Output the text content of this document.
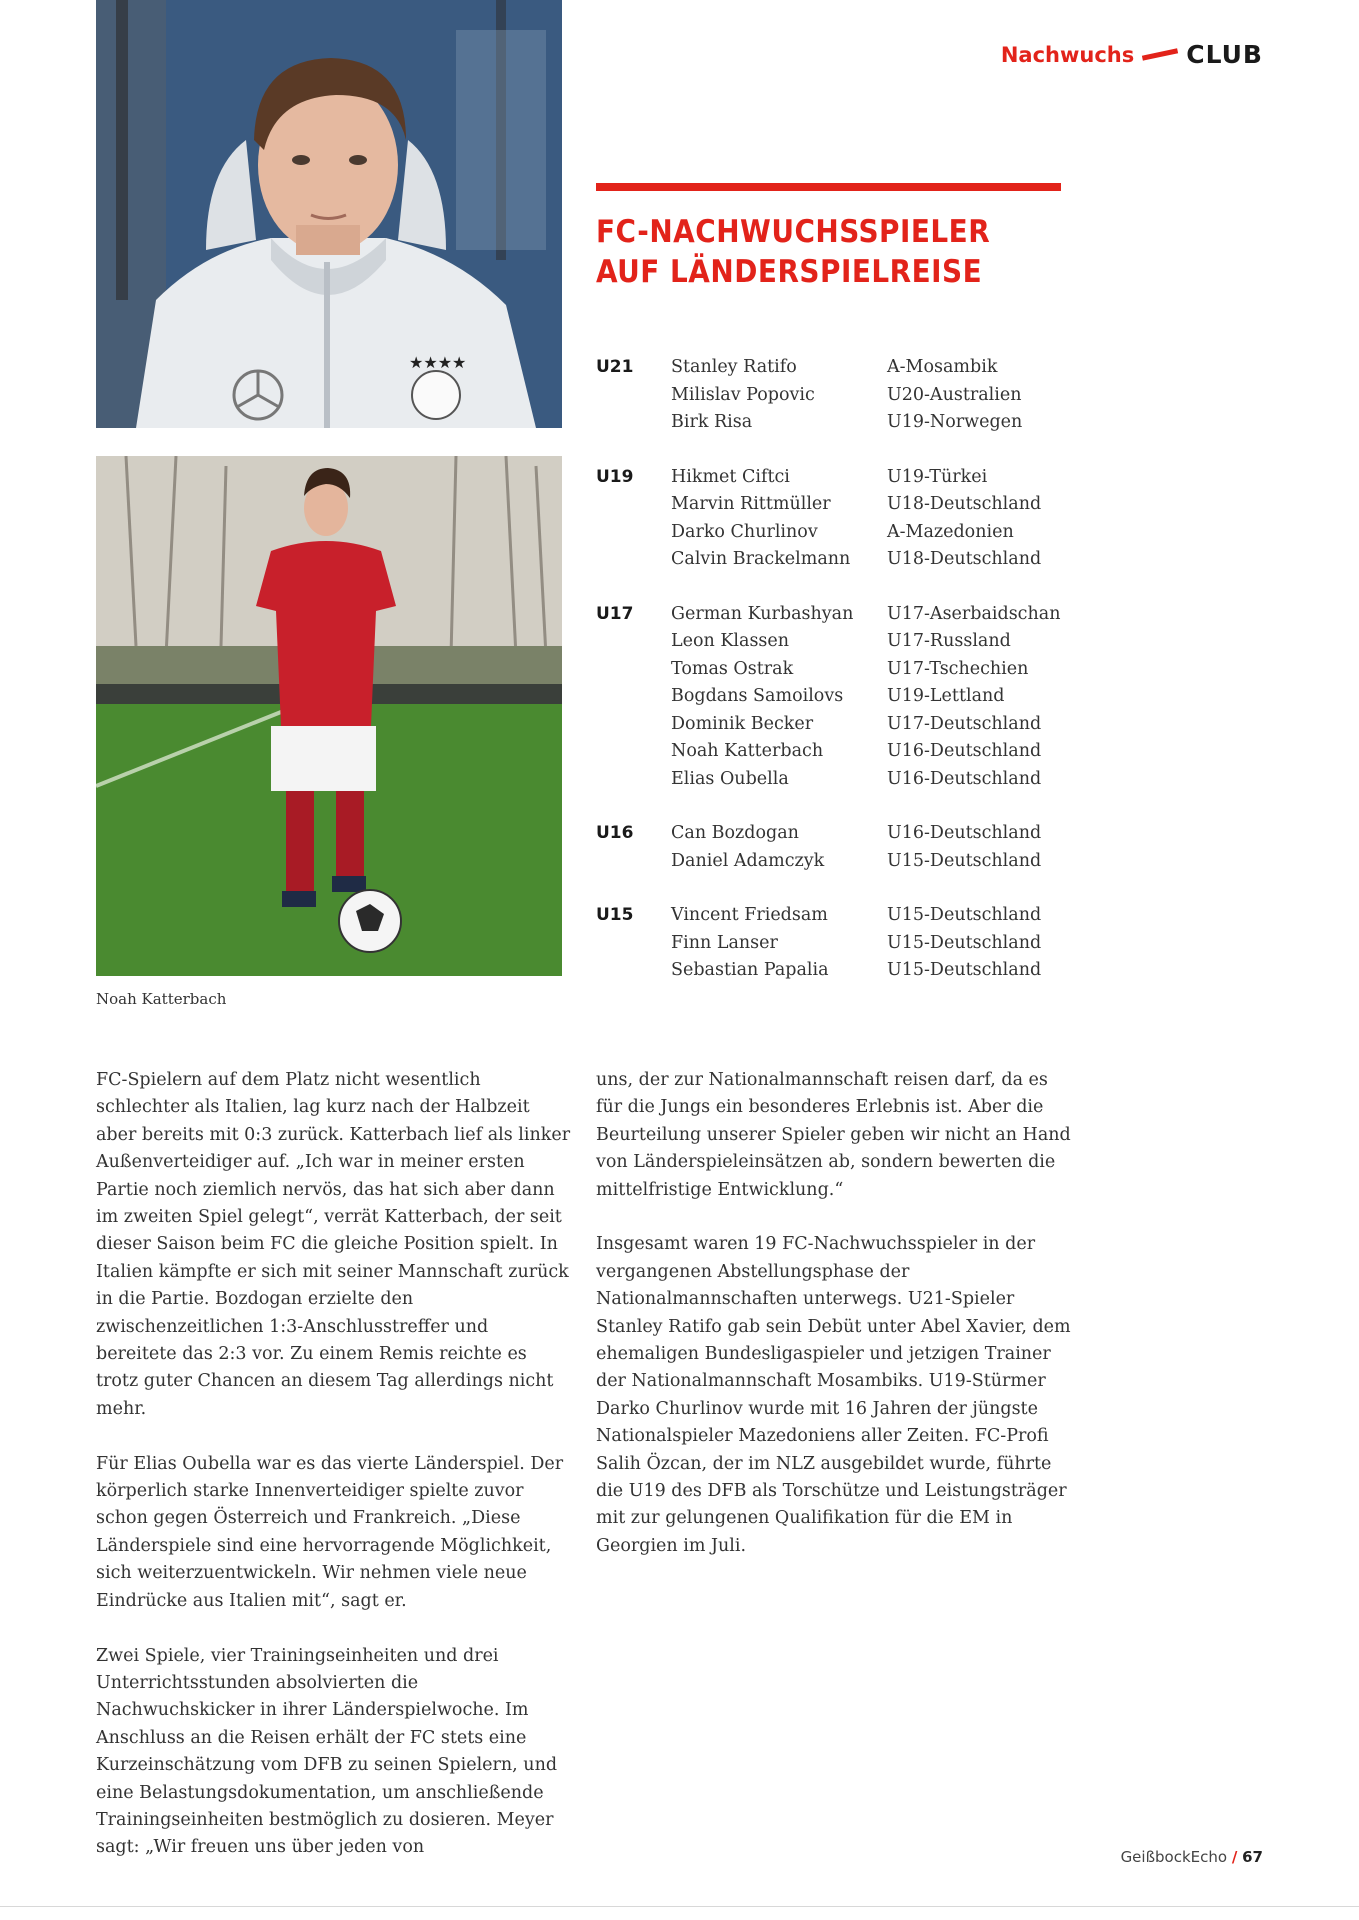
Nachwuchs CLUB
★★★★
Noah Katterbach
FC-NACHWUCHSSPIELER
AUF LÄNDERSPIELREISE
U21 Stanley Ratifo	A-Mosambik
Milislav Popovic	U20-Australien
Birk Risa	U19-Norwegen
U19 Hikmet Ciftci	U19-Türkei
Marvin Rittmüller	U18-Deutschland
Darko Churlinov	A-Mazedonien
Calvin Brackelmann	U18-Deutschland
U17 German Kurbashyan	U17-Aserbaidschan
Leon Klassen	U17-Russland
Tomas Ostrak	U17-Tschechien
Bogdans Samoilovs	U19-Lettland
Dominik Becker	U17-Deutschland
Noah Katterbach	U16-Deutschland
Elias Oubella	U16-Deutschland
U16 Can Bozdogan	U16-Deutschland
Daniel Adamczyk	U15-Deutschland
U15 Vincent Friedsam	U15-Deutschland
Finn Lanser	U15-Deutschland
Sebastian Papalia	U15-Deutschland

FC-Spielern auf dem Platz nicht wesentlich schlechter als Italien, lag kurz nach der Halbzeit aber bereits mit 0:3 zurück. Katterbach lief als linker Außenverteidiger auf. „Ich war in meiner ersten Partie noch ziemlich nervös, das hat sich aber dann im zweiten Spiel gelegt“, verrät Katterbach, der seit dieser Saison beim FC die gleiche Position spielt. In Italien kämpfte er sich mit seiner Mannschaft zurück in die Partie. Bozdogan erzielte den zwischenzeitlichen 1:3-Anschlusstreffer und bereitete das 2:3 vor. Zu einem Remis reichte es trotz guter Chancen an diesem Tag allerdings nicht mehr.

Für Elias Oubella war es das vierte Länderspiel. Der körperlich starke Innenverteidiger spielte zuvor schon gegen Österreich und Frankreich. „Diese Länderspiele sind eine hervorragende Möglichkeit, sich weiterzuentwickeln. Wir nehmen viele neue Eindrücke aus Italien mit“, sagt er.

Zwei Spiele, vier Trainingseinheiten und drei Unterrichtsstunden absolvierten die Nachwuchskicker in ihrer Länderspielwoche. Im Anschluss an die Reisen erhält der FC stets eine Kurzeinschätzung vom DFB zu seinen Spielern, und eine Belastungsdokumentation, um anschließende Trainingseinheiten bestmöglich zu dosieren. Meyer sagt: „Wir freuen uns über jeden von

uns, der zur Nationalmannschaft reisen darf, da es für die Jungs ein besonderes Erlebnis ist. Aber die Beurteilung unserer Spieler geben wir nicht an Hand von Länderspieleinsätzen ab, sondern bewerten die mittelfristige Entwicklung.“

Insgesamt waren 19 FC-Nachwuchsspieler in der vergangenen Abstellungsphase der Nationalmannschaften unterwegs. U21-Spieler Stanley Ratifo gab sein Debüt unter Abel Xavier, dem ehemaligen Bundesligaspieler und jetzigen Trainer der Nationalmannschaft Mosambiks. U19-Stürmer Darko Churlinov wurde mit 16 Jahren der jüngste Nationalspieler Mazedoniens aller Zeiten. FC-Profi Salih Özcan, der im NLZ ausgebildet wurde, führte die U19 des DFB als Torschütze und Leistungsträger mit zur gelungenen Qualifikation für die EM in Georgien im Juli.

GeißbockEcho / 67
